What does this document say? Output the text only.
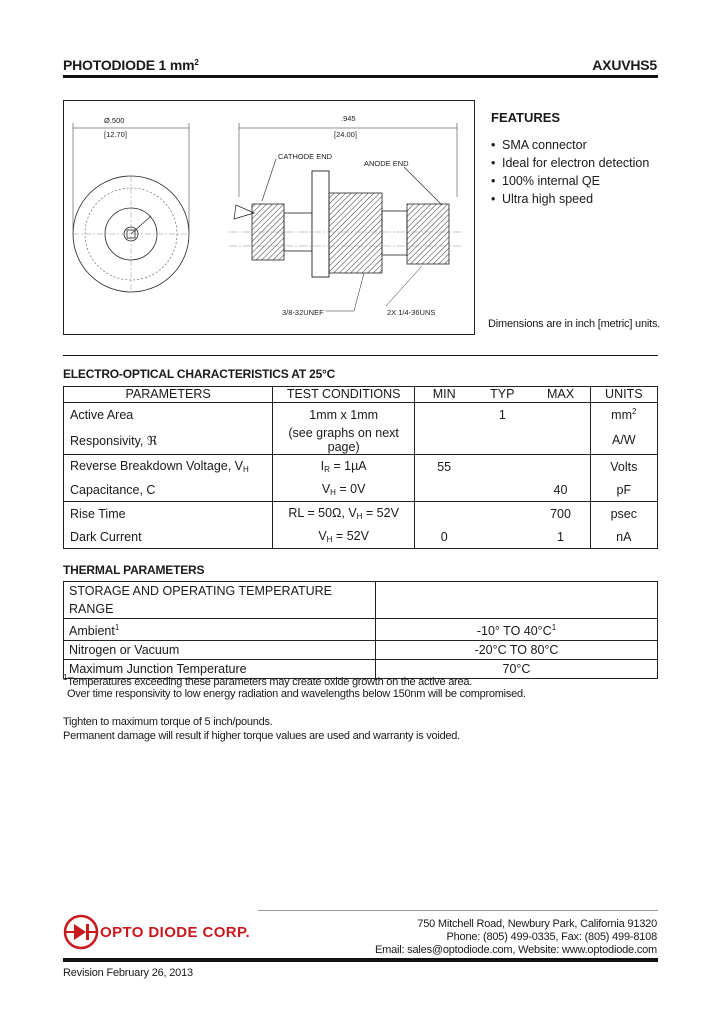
PHOTODIODE 1 $mm^2$	AXUVHS5
Ø.500
[12.70]
.945
[24.00]
CATHODE END
ANODE END
3/8-32UNEF	2X 1/4-36UNS
FEATURES
• SMA connector
• Ideal for electron detection
• 100% internal QE
• Ultra high speed
Dimensions are in inch [metric] units.
ELECTRO-OPTICAL CHARACTERISTICS AT 25°C
PARAMETERS	TEST CONDITIONS	MIN	TYP	MAX	UNITS
Active Area	1mm x 1mm		1		$mm^2$
Responsivity, ℜ	(see graphs on next page)				A/W
Reverse Breakdown Voltage, $V_H$	$I_R = 1\mu A$	55			Volts
Capacitance, C	$V_H = 0V$			40	pF
Rise Time	RL = 50Ω, $V_H = 52V$			700	psec
Dark Current	$V_H = 52V$	0		1	nA
THERMAL PARAMETERS
STORAGE AND OPERATING TEMPERATURE RANGE	
Ambient$^1$	-10° TO $40^\circ C^1$
Nitrogen or Vacuum	-20°C TO 80°C
Maximum Junction Temperature	70°C
$^1$Temperatures exceeding these parameters may create oxide growth on the active area.
Over time responsivity to low energy radiation and wavelengths below 150nm will be compromised.
Tighten to maximum torque of 5 inch/pounds.
Permanent damage will result if higher torque values are used and warranty is voided.
OPTO DIODE CORP.	750 Mitchell Road, Newbury Park, California 91320
Phone: (805) 499-0335, Fax: (805) 499-8108
Email: sales@optodiode.com, Website: www.optodiode.com
Revision February 26, 2013
